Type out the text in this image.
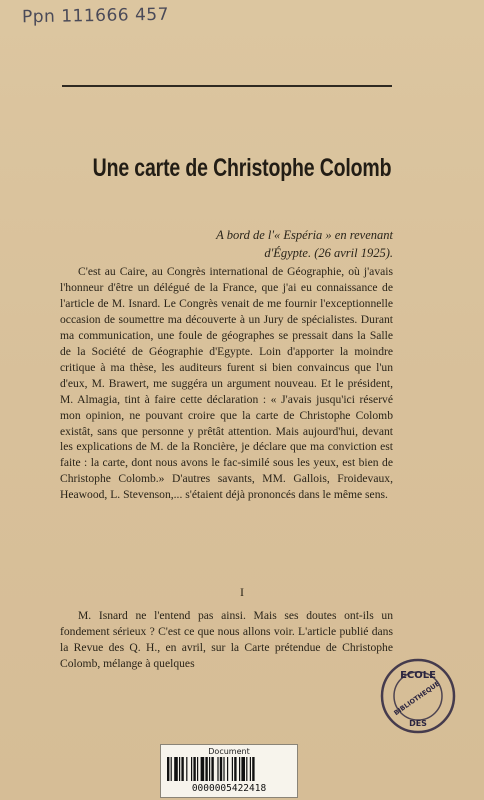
Ppn 111666 457
Une carte de Christophe Colomb
A bord de l'« Espéria » en revenant
d'Égypte. (26 avril 1925).

C'est au Caire, au Congrès international de Géographie, où j'avais l'honneur d'être un délégué de la France, que j'ai eu connaissance de l'article de M. Isnard. Le Congrès venait de me fournir l'exceptionnelle occasion de soumettre ma découverte à un Jury de spécialistes. Durant ma communication, une foule de géographes se pressait dans la Salle de la Société de Géographie d'Egypte. Loin d'apporter la moindre critique à ma thèse, les auditeurs furent si bien convaincus que l'un d'eux, M. Brawert, me suggéra un argument nouveau. Et le président, M. Almagia, tint à faire cette déclaration : « J'avais jusqu'ici réservé mon opinion, ne pouvant croire que la carte de Christophe Colomb existât, sans que personne y prêtât attention. Mais aujourd'hui, devant les explications de M. de la Roncière, je déclare que ma conviction est faite : la carte, dont nous avons le fac-similé sous les yeux, est bien de Christophe Colomb.» D'autres savants, MM. Gallois, Froidevaux, Heawood, L. Stevenson,... s'étaient déjà prononcés dans le même sens.

I

M. Isnard ne l'entend pas ainsi. Mais ses doutes ont-ils un fondement sérieux ? C'est ce que nous allons voir. L'article publié dans la Revue des Q. H., en avril, sur la Carte prétendue de Christophe Colomb, mélange à quelques

ECOLE
BIBLIOTHEQUE
DES
Document
0000005422418
